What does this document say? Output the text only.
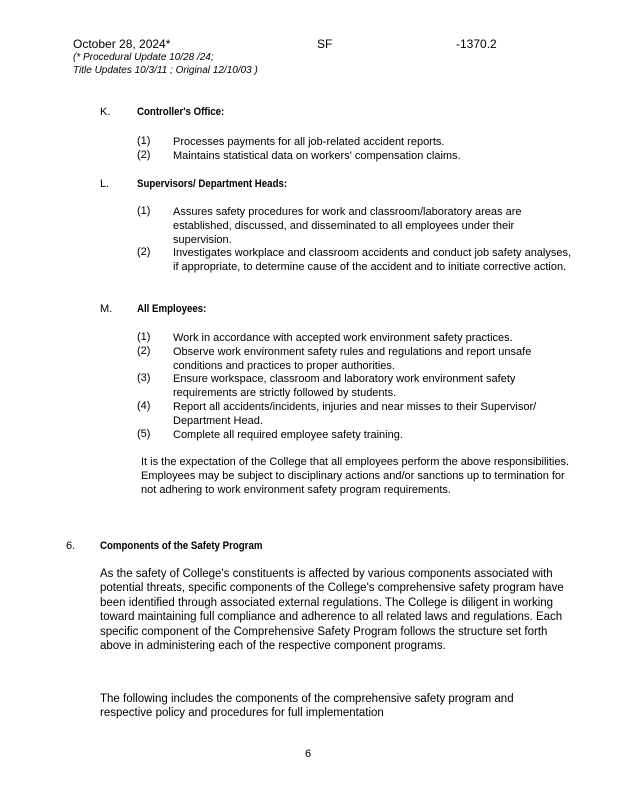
October 28, 2024*	SF	-1370.2
(* Procedural Update 10/28 /24;
Title Updates 10/3/11 ; Original 12/10/03 )
K. Controller's Office:
(1) Processes payments for all job-related accident reports.
(2) Maintains statistical data on workers' compensation claims.
L.	Supervisors/ Department Heads:
(1) Assures safety procedures for work and classroom/laboratory areas are established, discussed, and disseminated to all employees under their supervision.
(2) Investigates workplace and classroom accidents and conduct job safety analyses, if appropriate, to determine cause of the accident and to initiate corrective action.
M. All Employees:
(1) Work in accordance with accepted work environment safety practices.
(2) Observe work environment safety rules and regulations and report unsafe conditions and practices to proper authorities.
(3) Ensure workspace, classroom and laboratory work environment safety requirements are strictly followed by students.
(4) Report all accidents/incidents, injuries and near misses to their Supervisor/ Department Head.
(5) Complete all required employee safety training.
It is the expectation of the College that all employees perform the above responsibilities. Employees may be subject to disciplinary actions and/or sanctions up to termination for not adhering to work environment safety program requirements.
6. Components of the Safety Program
As the safety of College's constituents is affected by various components associated with potential threats, specific components of the College's comprehensive safety program have been identified through associated external regulations. The College is diligent in working toward maintaining full compliance and adherence to all related laws and regulations. Each specific component of the Comprehensive Safety Program follows the structure set forth above in administering each of the respective component programs.
The following includes the components of the comprehensive safety program and respective policy and procedures for full implementation
6
